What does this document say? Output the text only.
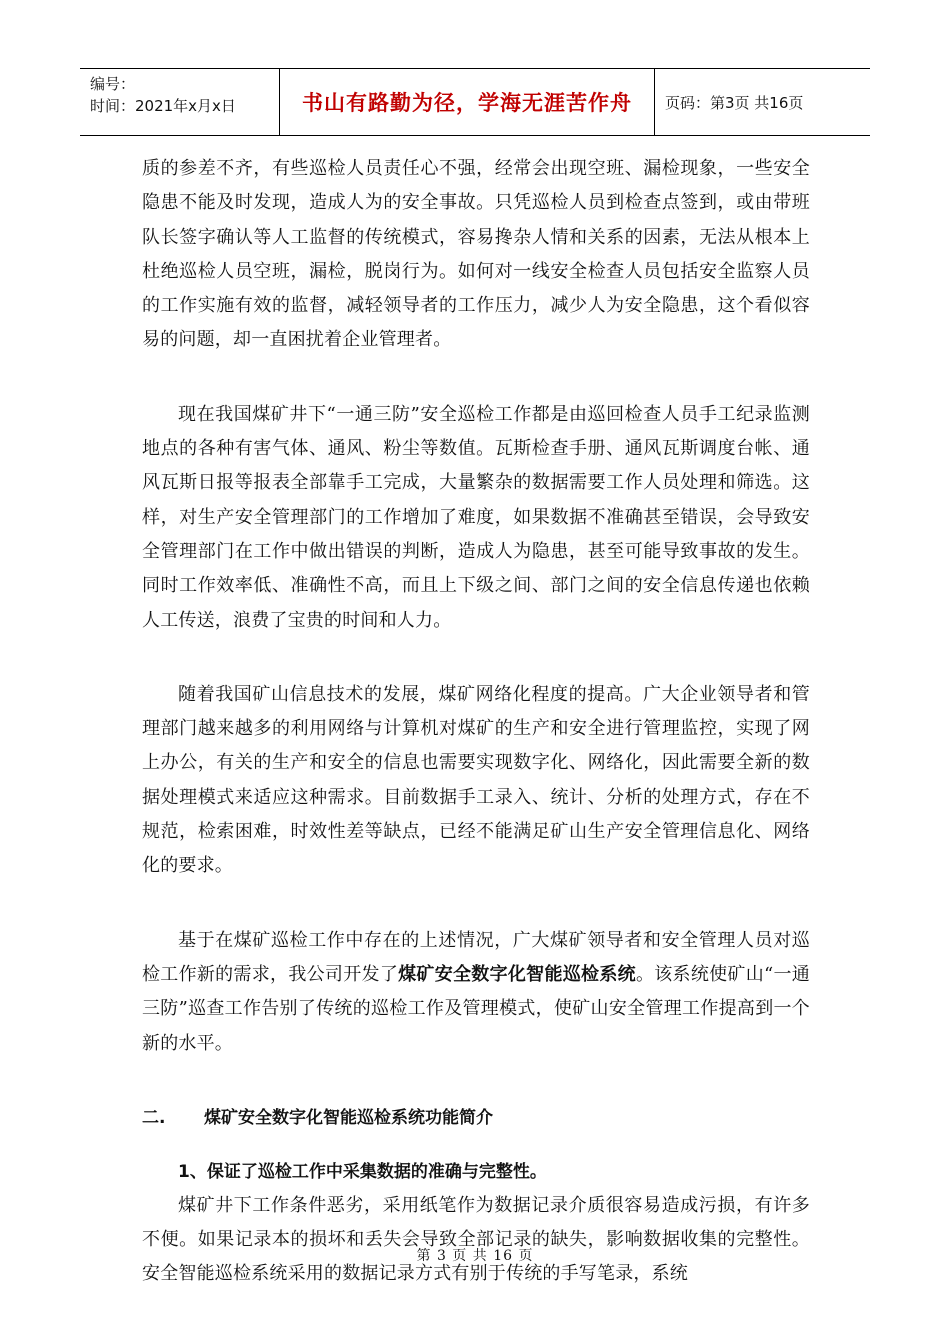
编号：
时间：2021年x月x日	书山有路勤为径，学海无涯苦作舟	页码：第3页 共16页

质的参差不齐，有些巡检人员责任心不强，经常会出现空班、漏检现象，一些安全隐患不能及时发现，造成人为的安全事故。只凭巡检人员到检查点签到，或由带班队长签字确认等人工监督的传统模式，容易搀杂人情和关系的因素，无法从根本上杜绝巡检人员空班，漏检，脱岗行为。如何对一线安全检查人员包括安全监察人员的工作实施有效的监督，减轻领导者的工作压力，减少人为安全隐患，这个看似容易的问题，却一直困扰着企业管理者。

现在我国煤矿井下“一通三防”安全巡检工作都是由巡回检查人员手工纪录监测地点的各种有害气体、通风、粉尘等数值。瓦斯检查手册、通风瓦斯调度台帐、通风瓦斯日报等报表全部靠手工完成，大量繁杂的数据需要工作人员处理和筛选。这样，对生产安全管理部门的工作增加了难度，如果数据不准确甚至错误，会导致安全管理部门在工作中做出错误的判断，造成人为隐患，甚至可能导致事故的发生。同时工作效率低、准确性不高，而且上下级之间、部门之间的安全信息传递也依赖人工传送，浪费了宝贵的时间和人力。

随着我国矿山信息技术的发展，煤矿网络化程度的提高。广大企业领导者和管理部门越来越多的利用网络与计算机对煤矿的生产和安全进行管理监控，实现了网上办公，有关的生产和安全的信息也需要实现数字化、网络化，因此需要全新的数据处理模式来适应这种需求。目前数据手工录入、统计、分析的处理方式，存在不规范，检索困难，时效性差等缺点，已经不能满足矿山生产安全管理信息化、网络化的要求。

基于在煤矿巡检工作中存在的上述情况，广大煤矿领导者和安全管理人员对巡检工作新的需求，我公司开发了煤矿安全数字化智能巡检系统。该系统使矿山“一通三防”巡查工作告别了传统的巡检工作及管理模式，使矿山安全管理工作提高到一个新的水平。

二.	煤矿安全数字化智能巡检系统功能简介
1、保证了巡检工作中采集数据的准确与完整性。

煤矿井下工作条件恶劣，采用纸笔作为数据记录介质很容易造成污损，有许多不便。如果记录本的损坏和丢失会导致全部记录的缺失，影响数据收集的完整性。安全智能巡检系统采用的数据记录方式有别于传统的手写笔录，系统

第 3 页 共 16 页
